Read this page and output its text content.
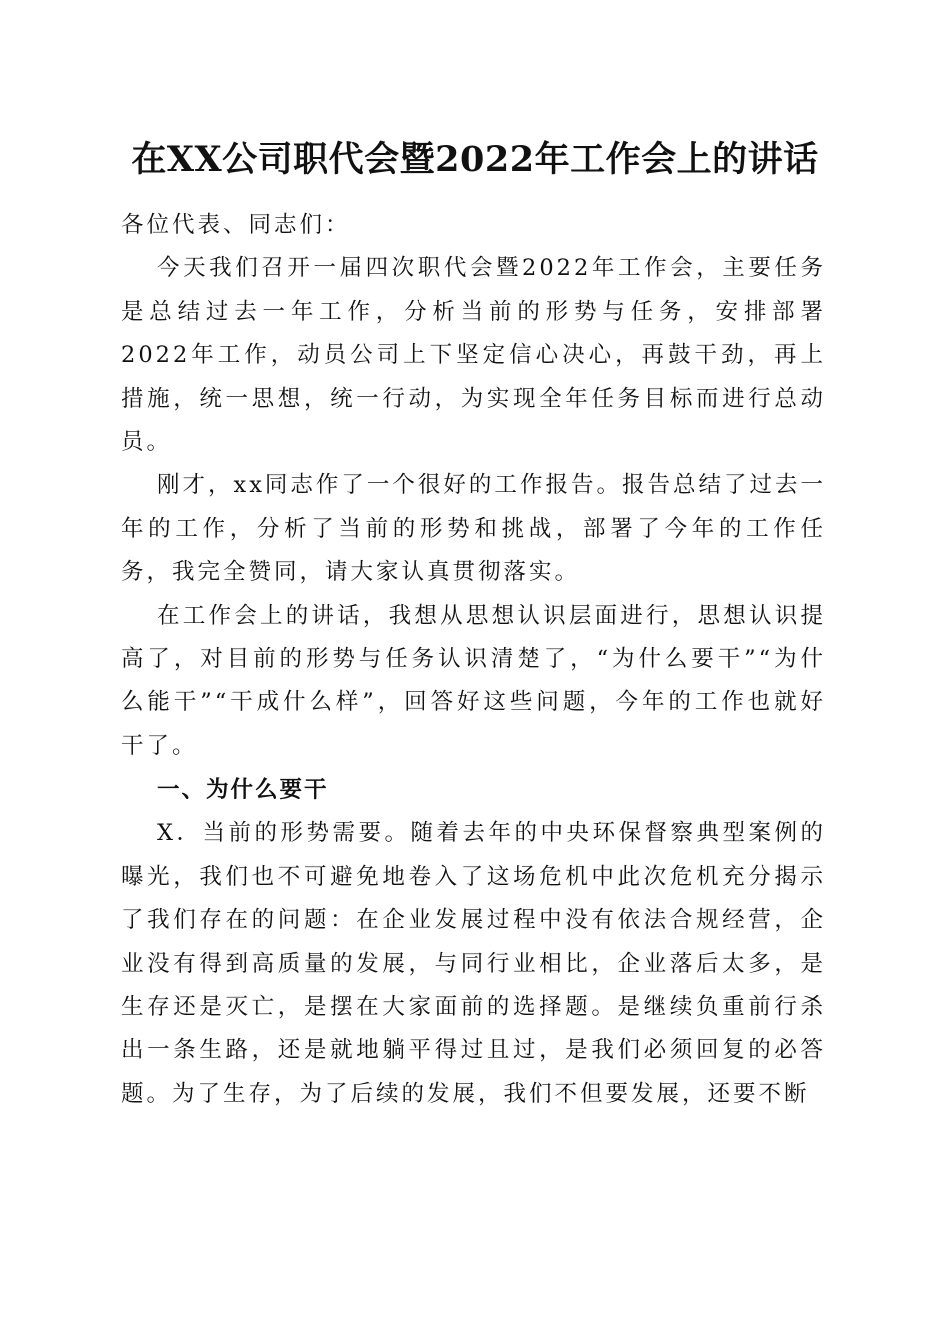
在XX公司职代会暨2022年工作会上的讲话

各位代表、同志们：

今天我们召开一届四次职代会暨2022年工作会，主要任务是总结过去一年工作，分析当前的形势与任务，安排部署2022年工作，动员公司上下坚定信心决心，再鼓干劲，再上措施，统一思想，统一行动，为实现全年任务目标而进行总动员。

刚才，xx同志作了一个很好的工作报告。报告总结了过去一年的工作，分析了当前的形势和挑战，部署了今年的工作任务，我完全赞同，请大家认真贯彻落实。

在工作会上的讲话，我想从思想认识层面进行，思想认识提高了，对目前的形势与任务认识清楚了，“为什么要干”“为什么能干”“干成什么样”，回答好这些问题，今年的工作也就好干了。

一、为什么要干

X．当前的形势需要。随着去年的中央环保督察典型案例的曝光，我们也不可避免地卷入了这场危机中此次危机充分揭示了我们存在的问题：在企业发展过程中没有依法合规经营，企业没有得到高质量的发展，与同行业相比，企业落后太多，是生存还是灭亡，是摆在大家面前的选择题。是继续负重前行杀出一条生路，还是就地躺平得过且过，是我们必须回复的必答题。为了生存，为了后续的发展，我们不但要发展，还要不断
